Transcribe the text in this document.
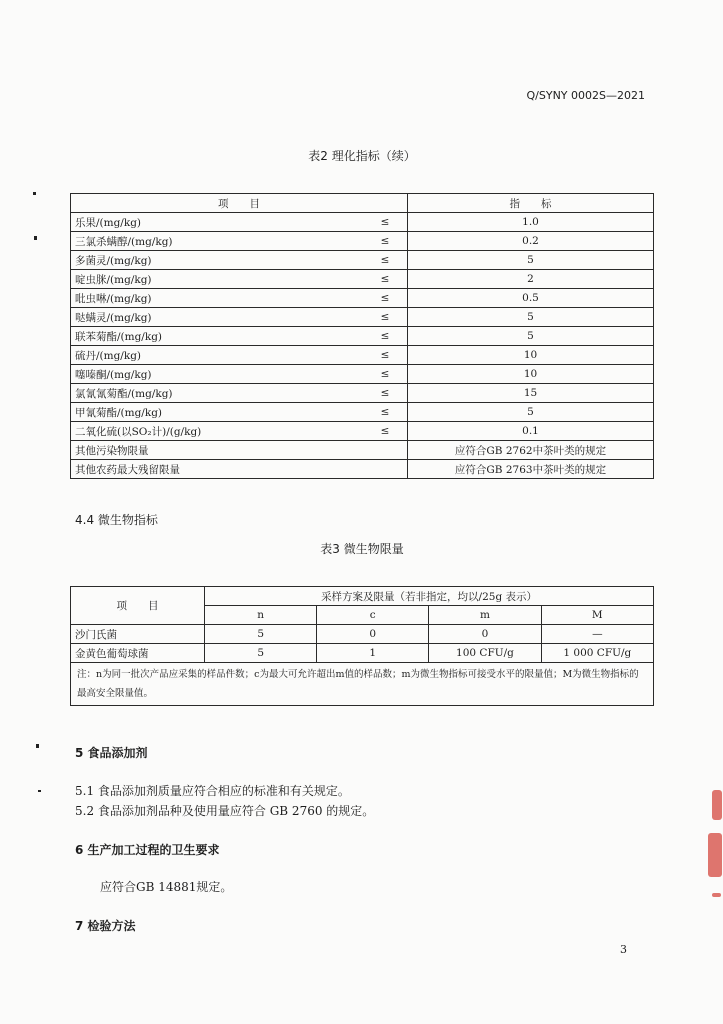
Q/SYNY 0002S—2021
表2 理化指标（续）
项　　目		指　　标
乐果/(mg/kg)	≤	1.0
三氯杀螨醇/(mg/kg)	≤	0.2
多菌灵/(mg/kg)	≤	5
啶虫脒/(mg/kg)	≤	2
吡虫啉/(mg/kg)	≤	0.5
哒螨灵/(mg/kg)	≤	5
联苯菊酯/(mg/kg)	≤	5
硫丹/(mg/kg)	≤	10
噻嗪酮/(mg/kg)	≤	10
氯氰氰菊酯/(mg/kg)	≤	15
甲氰菊酯/(mg/kg)	≤	5
二氧化硫(以SO₂计)/(g/kg)	≤	0.1
其他污染物限量		应符合GB 2762中茶叶类的规定
其他农药最大残留限量		应符合GB 2763中茶叶类的规定
4.4 微生物指标
表3 微生物限量
项　　目	采样方案及限量（若非指定，均以/25g 表示）			
	n	c	m	M
沙门氏菌	5	0	0	—
金黄色葡萄球菌	5	1	100 CFU/g	1 000 CFU/g
注：n为同一批次产品应采集的样品件数；c为最大可允许超出m值的样品数；m为微生物指标可接受水平的限量值；M为微生物指标的最高安全限量值。				
5 食品添加剂
5.1 食品添加剂质量应符合相应的标准和有关规定。
5.2 食品添加剂品种及使用量应符合 GB 2760 的规定。
6 生产加工过程的卫生要求
应符合GB 14881规定。
7 检验方法
3
